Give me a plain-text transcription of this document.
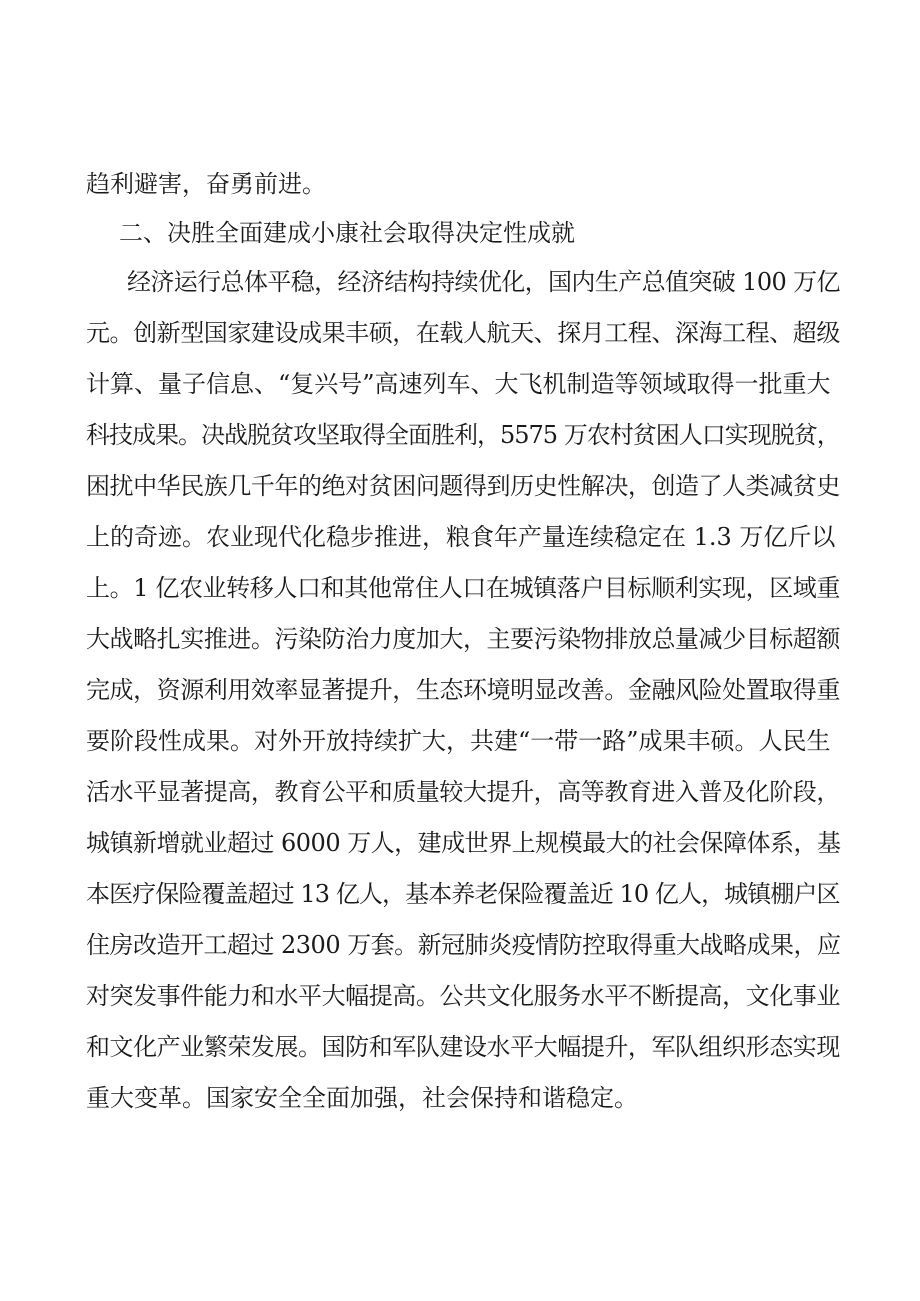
趋利避害，奋勇前进。
二、决胜全面建成小康社会取得决定性成就
经济运行总体平稳，经济结构持续优化，国内生产总值突破 100 万亿
元。创新型国家建设成果丰硕，在载人航天、探月工程、深海工程、超级
计算、量子信息、“复兴号”高速列车、大飞机制造等领域取得一批重大
科技成果。决战脱贫攻坚取得全面胜利，5575 万农村贫困人口实现脱贫，
困扰中华民族几千年的绝对贫困问题得到历史性解决，创造了人类减贫史
上的奇迹。农业现代化稳步推进，粮食年产量连续稳定在 1.3 万亿斤以
上。1 亿农业转移人口和其他常住人口在城镇落户目标顺利实现，区域重
大战略扎实推进。污染防治力度加大，主要污染物排放总量减少目标超额
完成，资源利用效率显著提升，生态环境明显改善。金融风险处置取得重
要阶段性成果。对外开放持续扩大，共建“一带一路”成果丰硕。人民生
活水平显著提高，教育公平和质量较大提升，高等教育进入普及化阶段，
城镇新增就业超过 6000 万人，建成世界上规模最大的社会保障体系，基
本医疗保险覆盖超过 13 亿人，基本养老保险覆盖近 10 亿人，城镇棚户区
住房改造开工超过 2300 万套。新冠肺炎疫情防控取得重大战略成果，应
对突发事件能力和水平大幅提高。公共文化服务水平不断提高，文化事业
和文化产业繁荣发展。国防和军队建设水平大幅提升，军队组织形态实现
重大变革。国家安全全面加强，社会保持和谐稳定。
